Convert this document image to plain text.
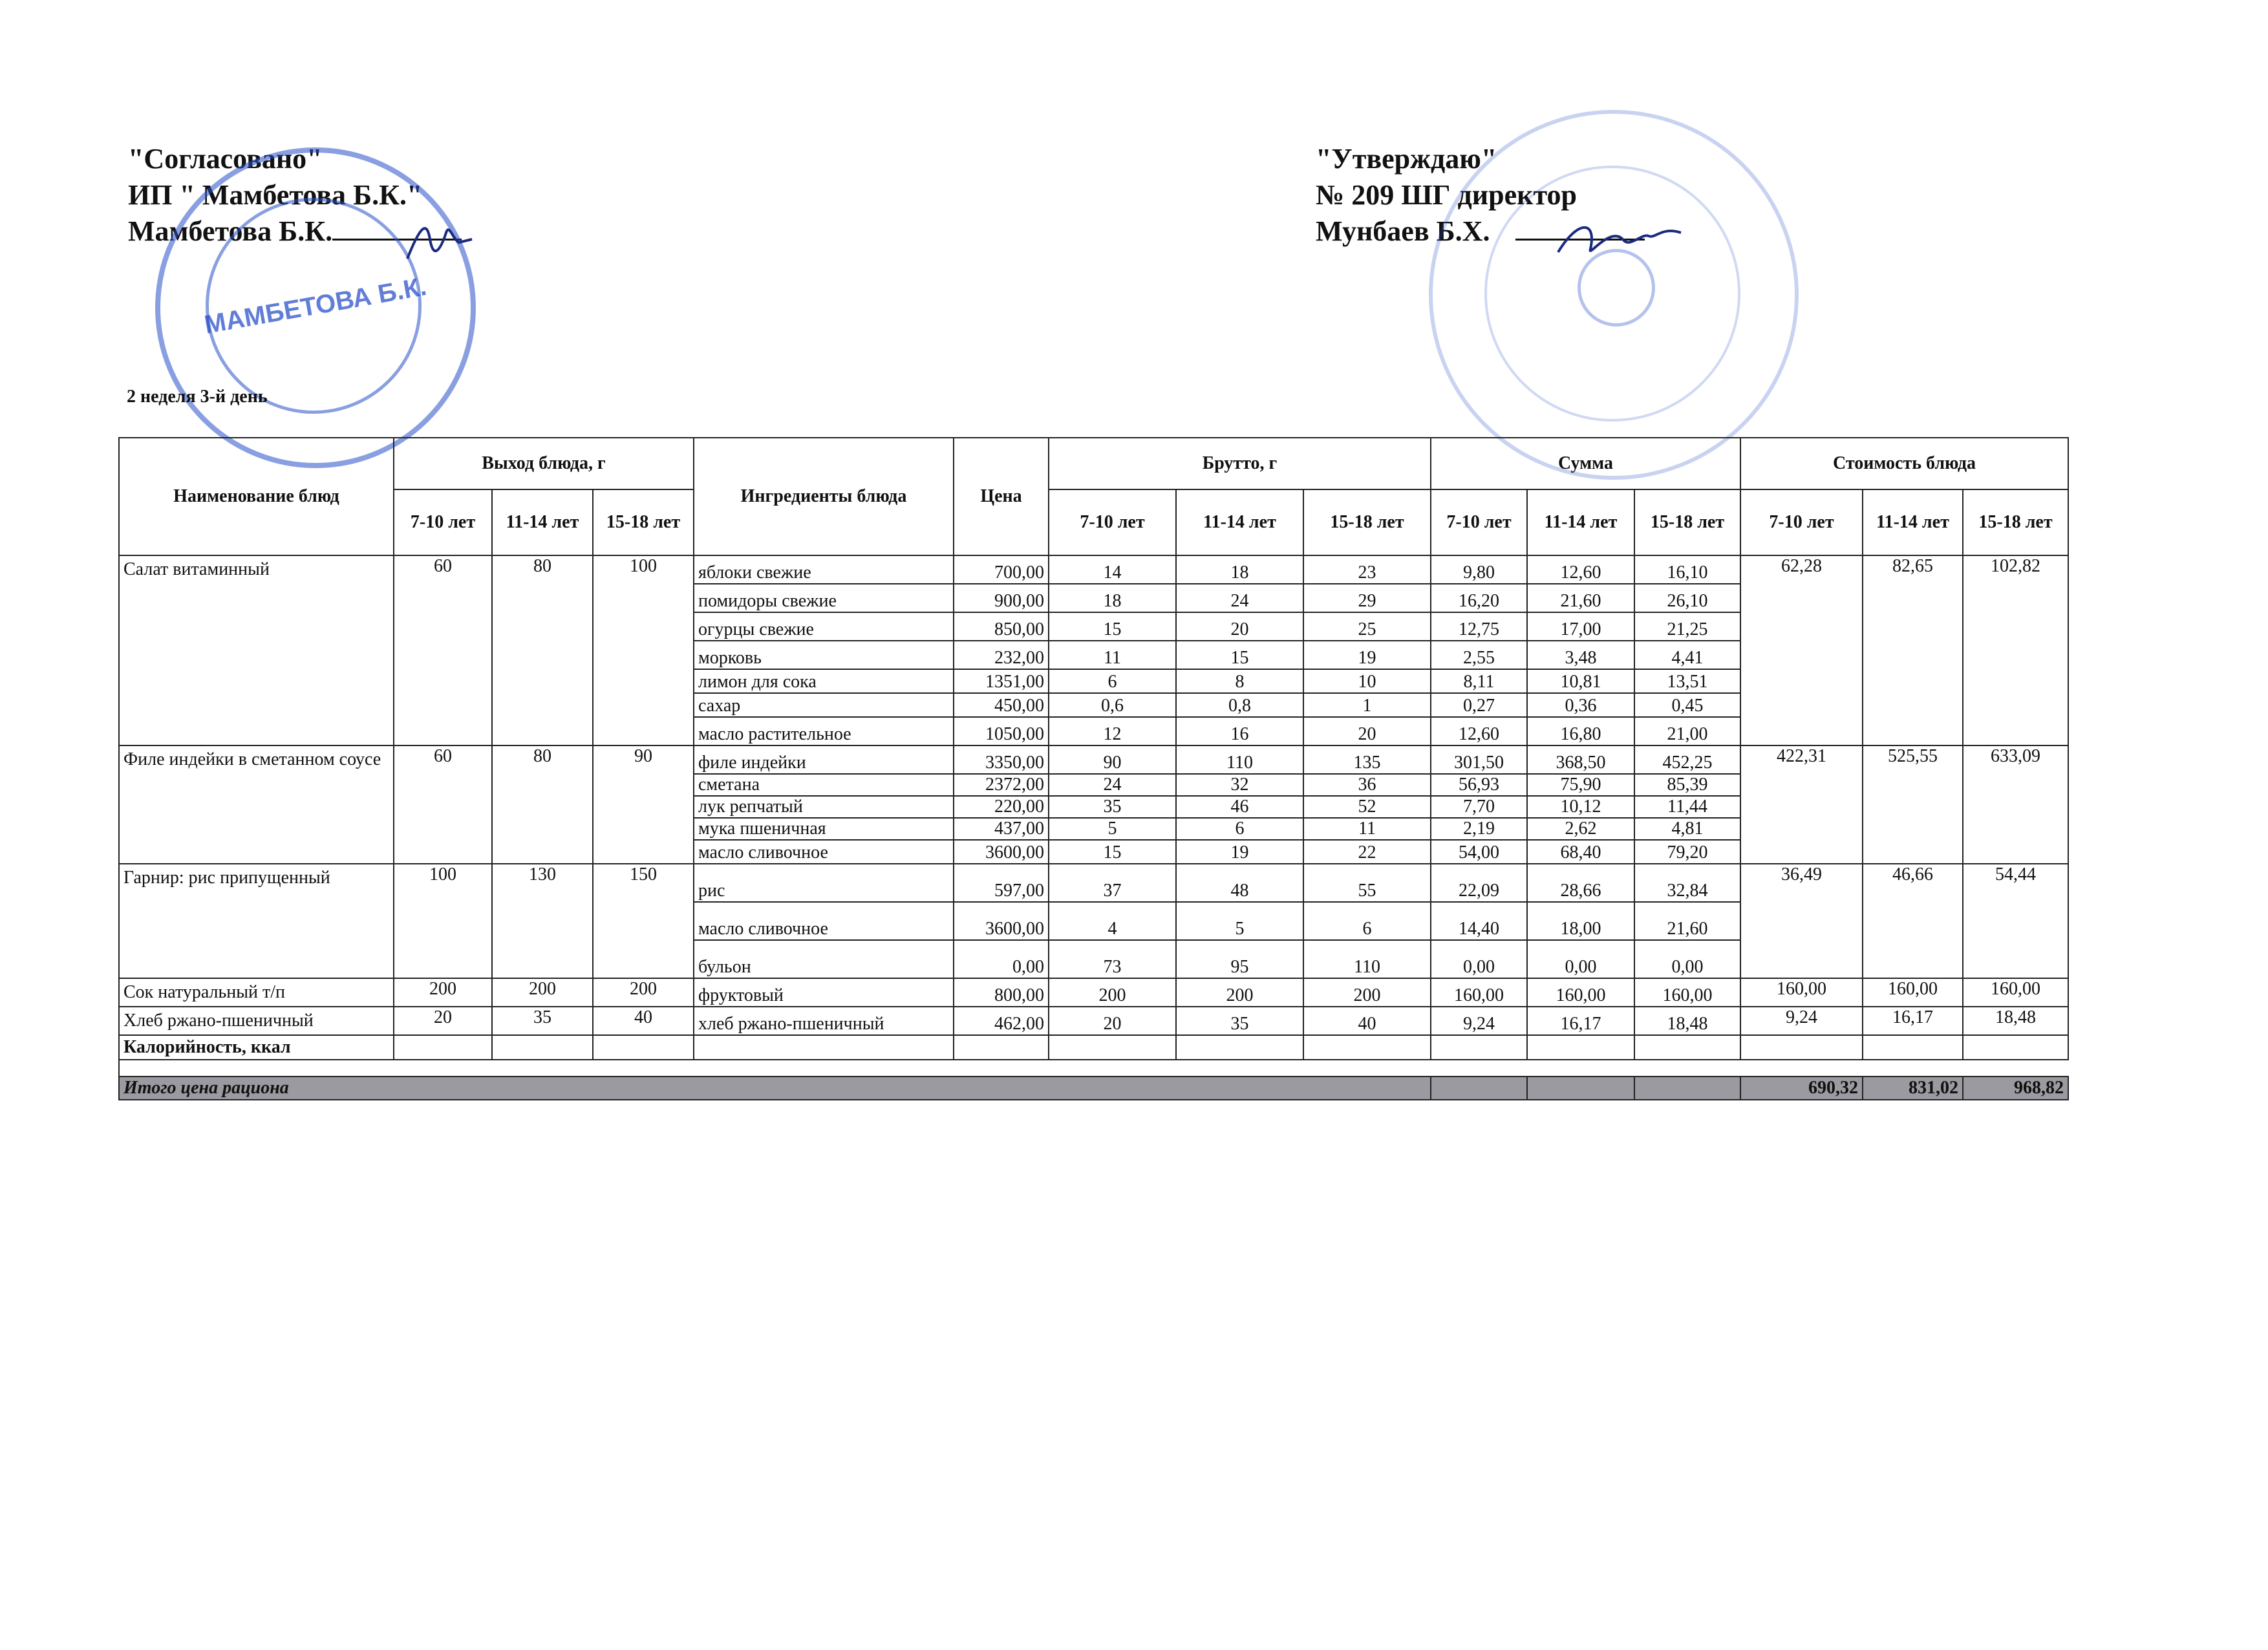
"Согласовано"
ИП " Мамбетова Б.К."
Мамбетова Б.К.
МАМБЕТОВА Б.К.
"Утверждаю"
№ 209 ШГ директор
Мунбаев Б.Х.
2 неделя 3-й день
Наименование блюд	Выход блюда, г			Ингредиенты блюда	Цена	Брутто, г			Сумма			Стоимость блюда		
	7-10 лет	11-14 лет	15-18 лет			7-10 лет	11-14 лет	15-18 лет	7-10 лет	11-14 лет	15-18 лет	7-10 лет	11-14 лет	15-18 лет
Салат витаминный	60	80	100	яблоки свежие	700,00	14	18	23	9,80	12,60	16,10	62,28	82,65	102,82
				помидоры свежие	900,00	18	24	29	16,20	21,60	26,10			
				огурцы свежие	850,00	15	20	25	12,75	17,00	21,25			
				морковь	232,00	11	15	19	2,55	3,48	4,41			
				лимон для сока	1351,00	6	8	10	8,11	10,81	13,51			
				сахар	450,00	0,6	0,8	1	0,27	0,36	0,45			
				масло растительное	1050,00	12	16	20	12,60	16,80	21,00			
Филе индейки в сметанном соусе	60	80	90	филе индейки	3350,00	90	110	135	301,50	368,50	452,25	422,31	525,55	633,09
				сметана	2372,00	24	32	36	56,93	75,90	85,39			
				лук репчатый	220,00	35	46	52	7,70	10,12	11,44			
				мука пшеничная	437,00	5	6	11	2,19	2,62	4,81			
				масло сливочное	3600,00	15	19	22	54,00	68,40	79,20			
Гарнир: рис припущенный	100	130	150	рис	597,00	37	48	55	22,09	28,66	32,84	36,49	46,66	54,44
				масло сливочное	3600,00	4	5	6	14,40	18,00	21,60			
				бульон	0,00	73	95	110	0,00	0,00	0,00			
Сок натуральный т/п	200	200	200	фруктовый	800,00	200	200	200	160,00	160,00	160,00	160,00	160,00	160,00
Хлеб ржано-пшеничный	20	35	40	хлеб ржано-пшеничный	462,00	20	35	40	9,24	16,17	18,48	9,24	16,17	18,48
Калорийность, ккал														

Итого цена рациона												690,32	831,02	968,82
